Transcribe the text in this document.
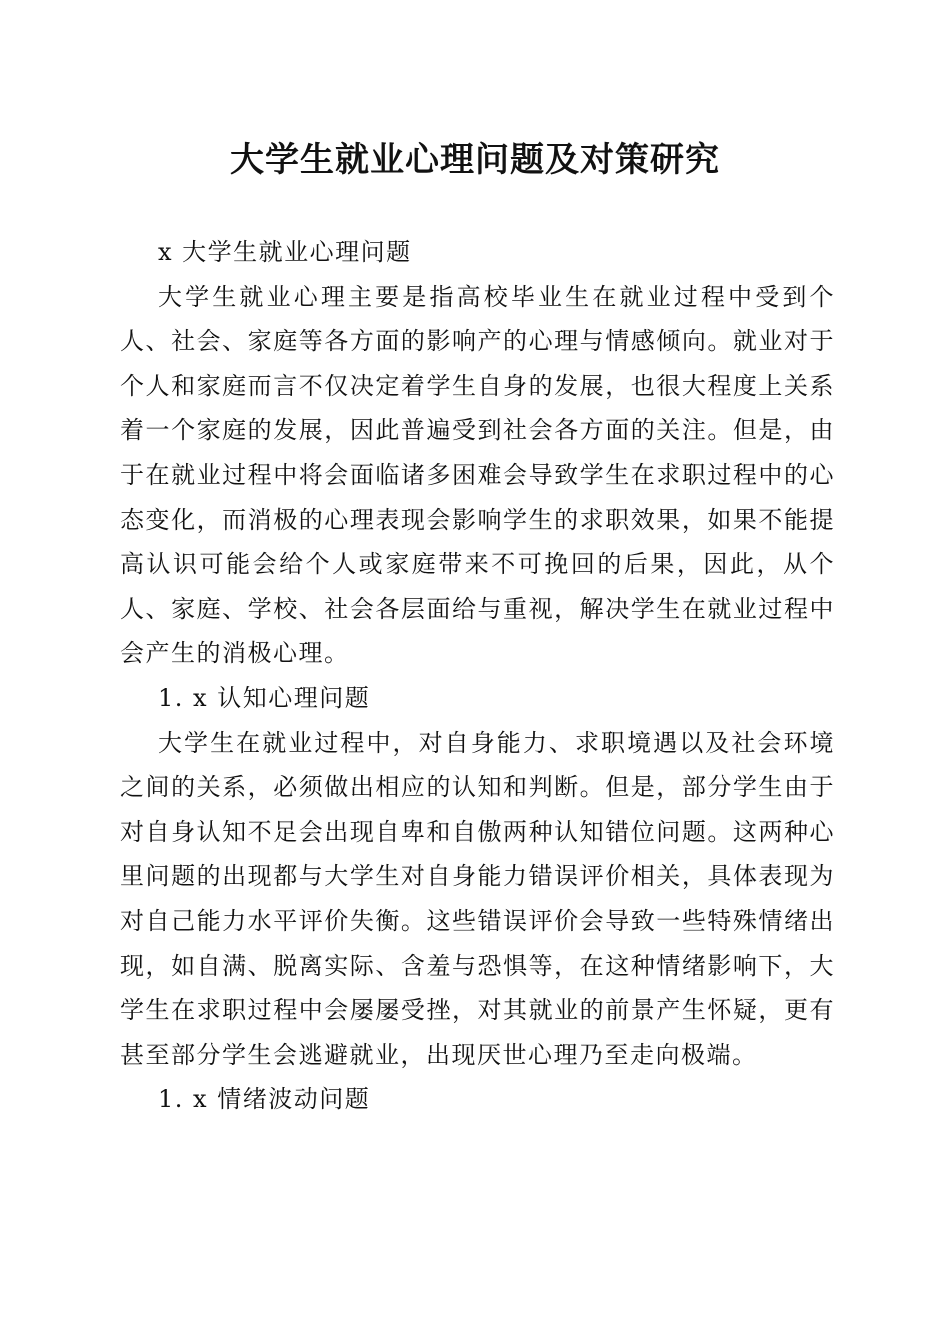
大学生就业心理问题及对策研究

x 大学生就业心理问题

大学生就业心理主要是指高校毕业生在就业过程中受到个人、社会、家庭等各方面的影响产的心理与情感倾向。就业对于个人和家庭而言不仅决定着学生自身的发展，也很大程度上关系着一个家庭的发展，因此普遍受到社会各方面的关注。但是，由于在就业过程中将会面临诸多困难会导致学生在求职过程中的心态变化，而消极的心理表现会影响学生的求职效果，如果不能提高认识可能会给个人或家庭带来不可挽回的后果，因此，从个人、家庭、学校、社会各层面给与重视，解决学生在就业过程中会产生的消极心理。

1. x 认知心理问题

大学生在就业过程中，对自身能力、求职境遇以及社会环境之间的关系，必须做出相应的认知和判断。但是，部分学生由于对自身认知不足会出现自卑和自傲两种认知错位问题。这两种心里问题的出现都与大学生对自身能力错误评价相关，具体表现为对自己能力水平评价失衡。这些错误评价会导致一些特殊情绪出现，如自满、脱离实际、含羞与恐惧等，在这种情绪影响下，大学生在求职过程中会屡屡受挫，对其就业的前景产生怀疑，更有甚至部分学生会逃避就业，出现厌世心理乃至走向极端。

1. x 情绪波动问题
